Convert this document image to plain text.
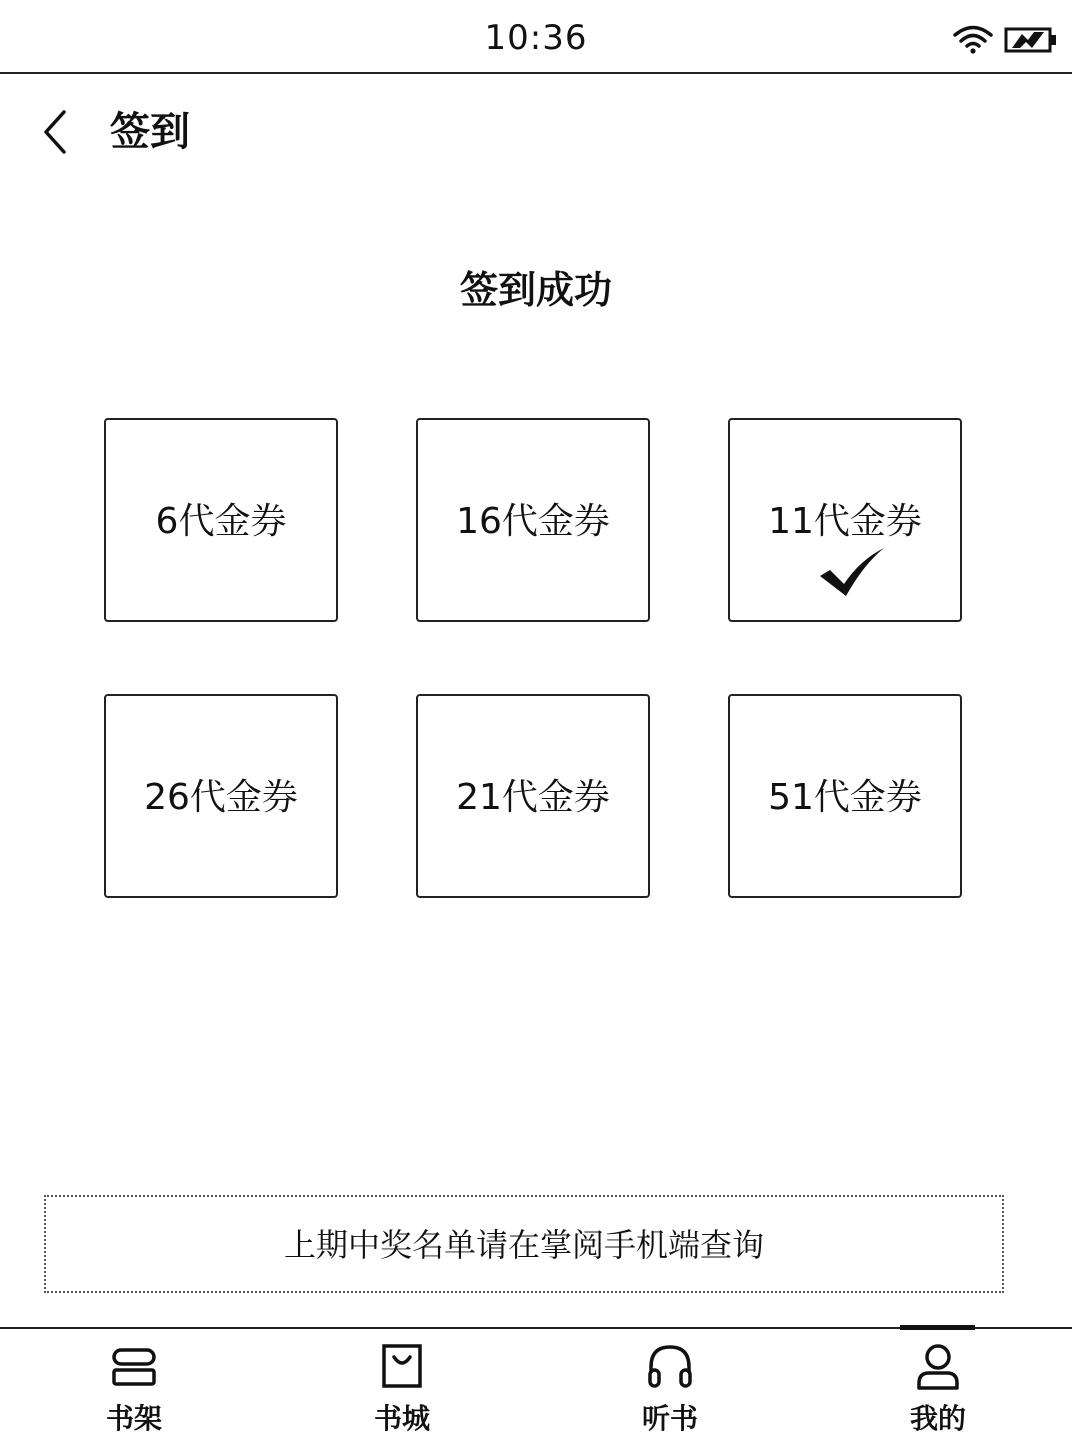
10:36
签到
签到成功
6代金券	16代金券	11代金券
26代金券	21代金券	51代金券
上期中奖名单请在掌阅手机端查询
书架	书城	听书	我的
